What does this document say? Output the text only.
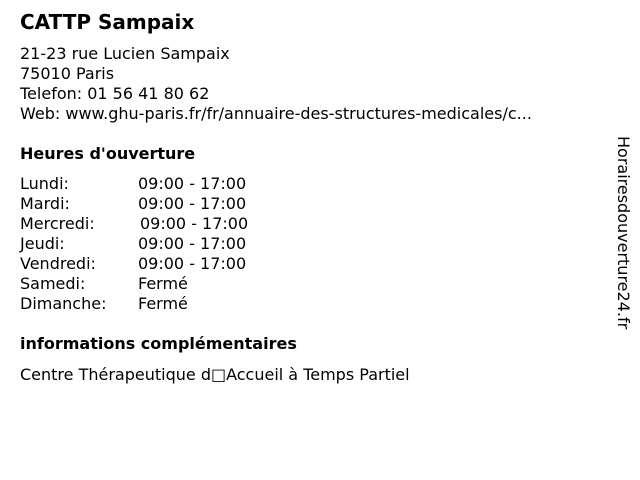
CATTP Sampaix
21-23 rue Lucien Sampaix
75010 Paris
Telefon: 01 56 41 80 62
Web: www.ghu-paris.fr/fr/annuaire-des-structures-medicales/c...
Heures d'ouverture
Lundi:	09:00 - 17:00
Mardi:	09:00 - 17:00
Mercredi:	09:00 - 17:00
Jeudi:	09:00 - 17:00
Vendredi:	09:00 - 17:00
Samedi:	Fermé
Dimanche: Fermé
informations complémentaires
Centre Thérapeutique d□Accueil à Temps Partiel
Horairesdouverture24.fr
